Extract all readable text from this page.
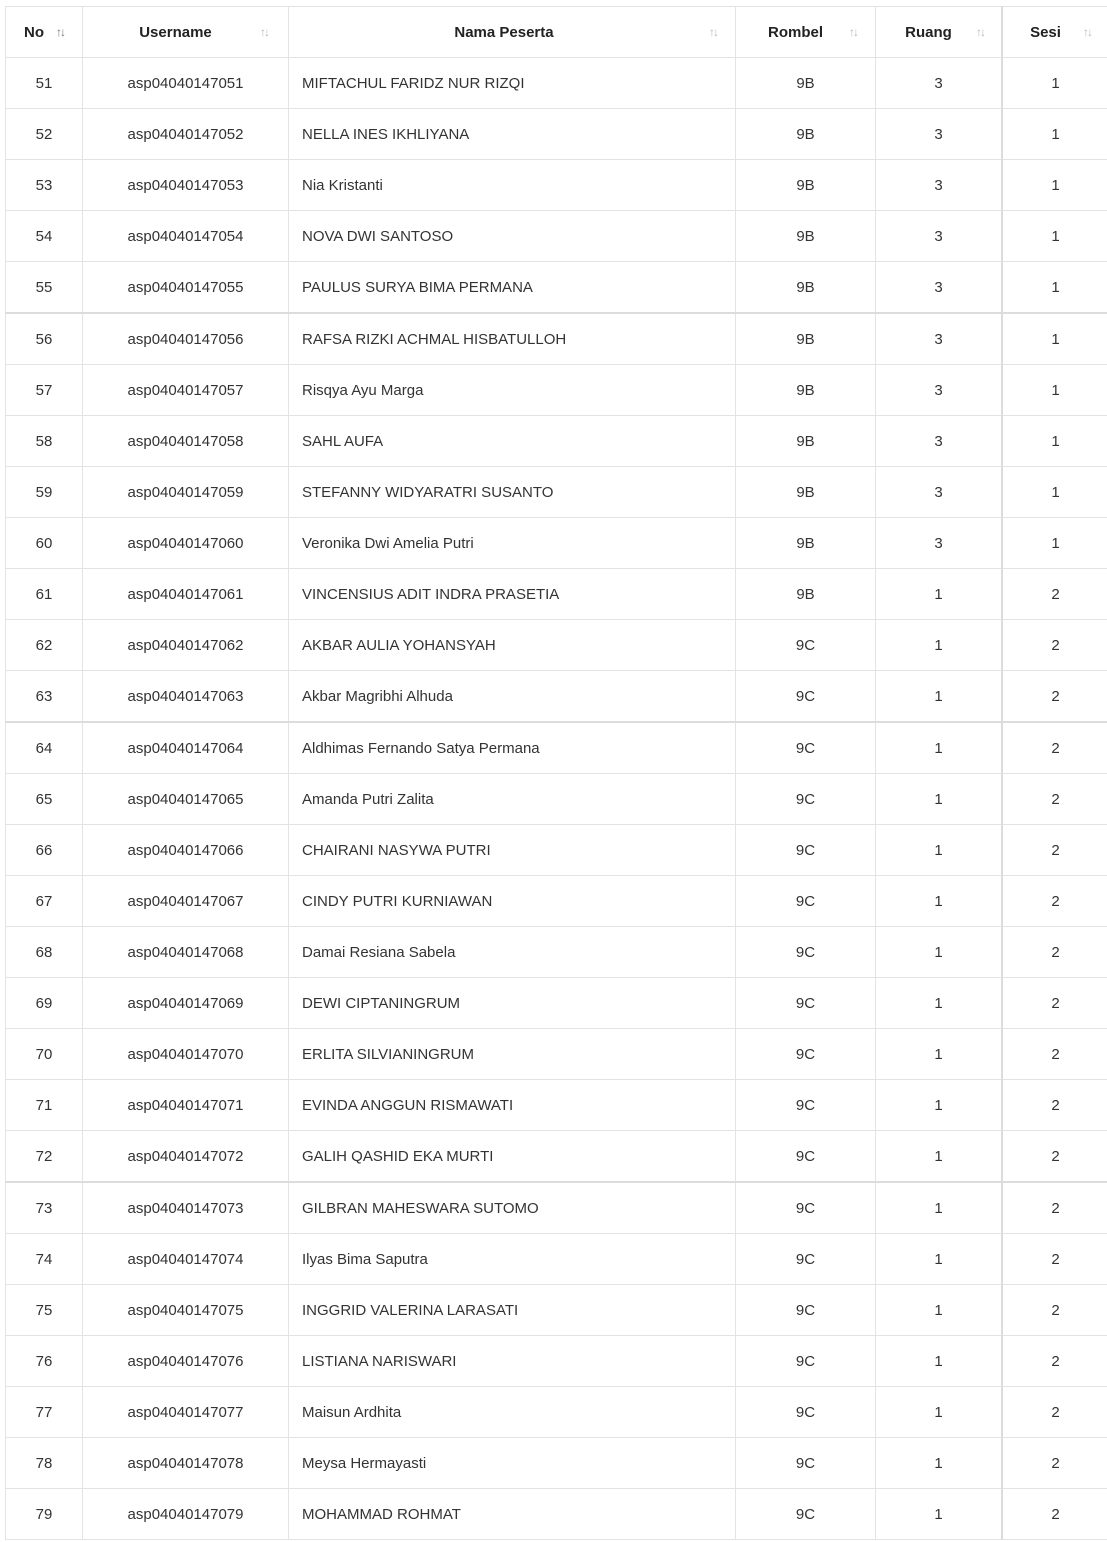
No ↑↓	Username ↑↓	Nama Peserta ↑↓	Rombel ↑↓	Ruang ↑↓	Sesi ↑↓

51	asp04040147051	MIFTACHUL FARIDZ NUR RIZQI	9B	3	1
52	asp04040147052	NELLA INES IKHLIYANA	9B	3	1
53	asp04040147053	Nia Kristanti	9B	3	1
54	asp04040147054	NOVA DWI SANTOSO	9B	3	1
55	asp04040147055	PAULUS SURYA BIMA PERMANA	9B	3	1
56	asp04040147056	RAFSA RIZKI ACHMAL HISBATULLOH	9B	3	1
57	asp04040147057	Risqya Ayu Marga	9B	3	1
58	asp04040147058	SAHL AUFA	9B	3	1
59	asp04040147059	STEFANNY WIDYARATRI SUSANTO	9B	3	1
60	asp04040147060	Veronika Dwi Amelia Putri	9B	3	1
61	asp04040147061	VINCENSIUS ADIT INDRA PRASETIA	9B	1	2
62	asp04040147062	AKBAR AULIA YOHANSYAH	9C	1	2
63	asp04040147063	Akbar Magribhi Alhuda	9C	1	2
64	asp04040147064	Aldhimas Fernando Satya Permana	9C	1	2
65	asp04040147065	Amanda Putri Zalita	9C	1	2
66	asp04040147066	CHAIRANI NASYWA PUTRI	9C	1	2
67	asp04040147067	CINDY PUTRI KURNIAWAN	9C	1	2
68	asp04040147068	Damai Resiana Sabela	9C	1	2
69	asp04040147069	DEWI CIPTANINGRUM	9C	1	2
70	asp04040147070	ERLITA SILVIANINGRUM	9C	1	2
71	asp04040147071	EVINDA ANGGUN RISMAWATI	9C	1	2
72	asp04040147072	GALIH QASHID EKA MURTI	9C	1	2
73	asp04040147073	GILBRAN MAHESWARA SUTOMO	9C	1	2
74	asp04040147074	Ilyas Bima Saputra	9C	1	2
75	asp04040147075	INGGRID VALERINA LARASATI	9C	1	2
76	asp04040147076	LISTIANA NARISWARI	9C	1	2
77	asp04040147077	Maisun Ardhita	9C	1	2
78	asp04040147078	Meysa Hermayasti	9C	1	2
79	asp04040147079	MOHAMMAD ROHMAT	9C	1	2
